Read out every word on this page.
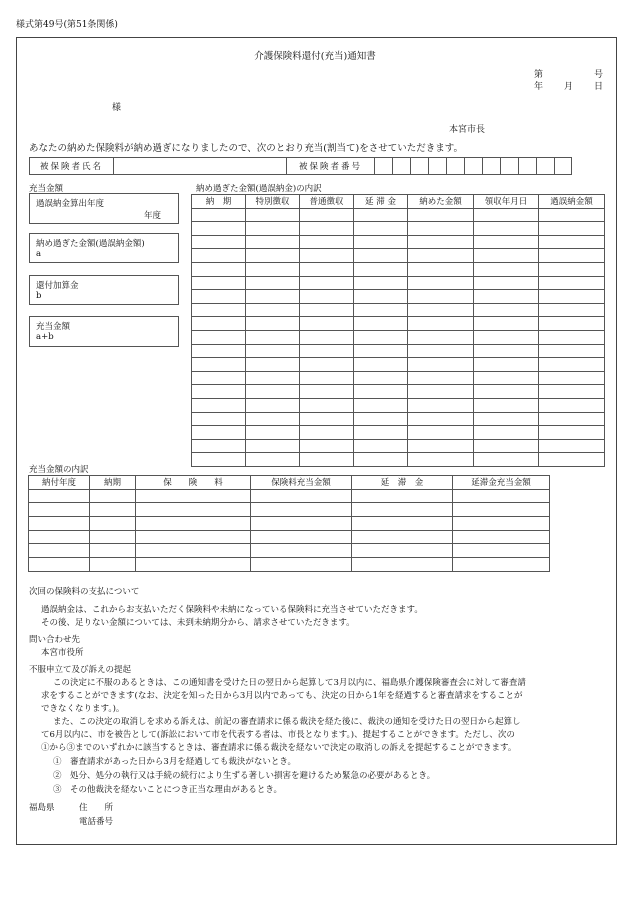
様式第49号(第51条関係)
介護保険料還付(充当)通知書
第	号
年 月 日
様
本宮市長
あなたの納めた保険料が納め過ぎになりましたので、次のとおり充当(割当て)をさせていただきます。
被保険者氏名		被保険者番号											
充当金額
過誤納金算出年度
年度
納め過ぎた金額(過誤納金額)
a
還付加算金
b
充当金額
a+b
納め過ぎた金額(過誤納金)の内訳
納　期	特別徴収	普通徴収	延 滞 金	納めた金額	領収年月日	過誤納金額

充当金額の内訳
納付年度	納期	保　　険　　料	保険料充当金額	延　滞　金	延滞金充当金額

次回の保険料の支払について
過誤納金は、これからお支払いただく保険料や未納になっている保険料に充当させていただきます。
その後、足りない金額については、未到未納期分から、請求させていただきます。
問い合わせ先
本宮市役所
不服申立て及び訴えの提起
この決定に不服のあるときは、この通知書を受けた日の翌日から起算して3月以内に、福島県介護保険審査会に対して審査請
求をすることができます(なお、決定を知った日から3月以内であっても、決定の日から1年を経過すると審査請求をすることが
できなくなります。)。
また、この決定の取消しを求める訴えは、前記の審査請求に係る裁決を経た後に、裁決の通知を受けた日の翌日から起算し
て6月以内に、市を被告として(訴訟において市を代表する者は、市長となります。)、提起することができます。ただし、次の
①から③までのいずれかに該当するときは、審査請求に係る裁決を経ないで決定の取消しの訴えを提起することができます。
①　審査請求があった日から3月を経過しても裁決がないとき。
②　処分、処分の執行又は手続の続行により生ずる著しい損害を避けるため緊急の必要があるとき。
③　その他裁決を経ないことにつき正当な理由があるとき。
福島県	住　　所
電話番号
